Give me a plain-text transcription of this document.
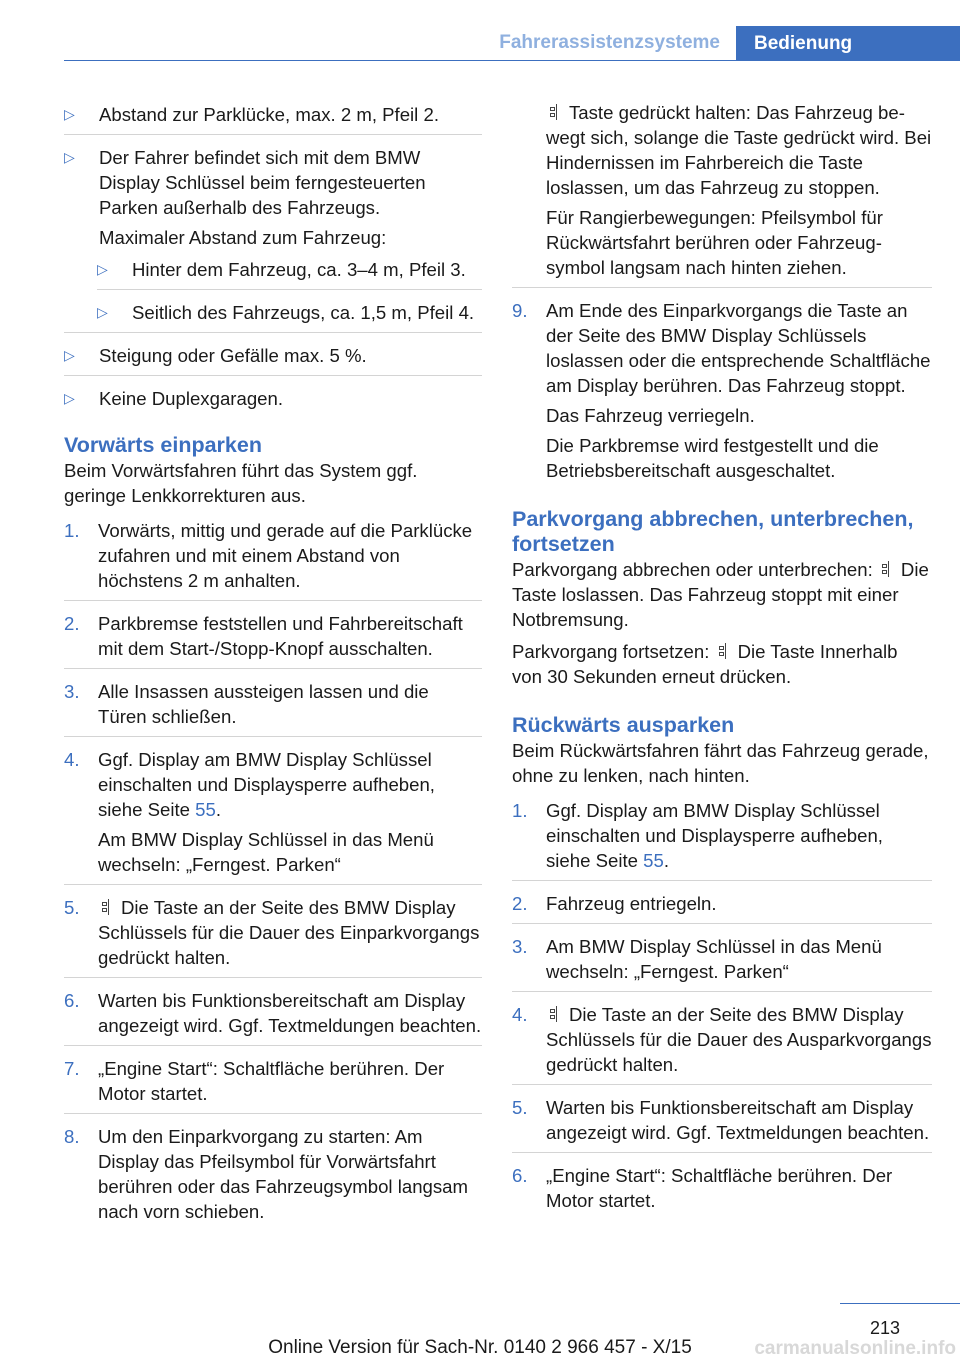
Fahrerassistenzsysteme	Bedienung
▷ Abstand zur Parklücke, max. 2 m, Pfeil 2.
▷ Der Fahrer befindet sich mit dem BMW Display Schlüssel beim ferngesteuerten Parken außerhalb des Fahrzeugs.
Maximaler Abstand zum Fahrzeug:
▷ Hinter dem Fahrzeug, ca. 3–4 m, Pfeil 3.
▷ Seitlich des Fahrzeugs, ca. 1,5 m, Pfeil 4.
▷ Steigung oder Gefälle max. 5 %.
▷ Keine Duplexgaragen.
Vorwärts einparken
Beim Vorwärtsfahren führt das System ggf. geringe Lenkkorrekturen aus.
1. Vorwärts, mittig und gerade auf die Parklücke zufahren und mit einem Abstand von höchstens 2 m anhalten.
2. Parkbremse feststellen und Fahrbereitschaft mit dem Start-/Stopp-Knopf ausschalten.
3. Alle Insassen aussteigen lassen und die Türen schließen.
4. Ggf. Display am BMW Display Schlüssel einschalten und Displaysperre aufheben, siehe Seite 55.
Am BMW Display Schlüssel in das Menü wechseln: „Ferngest. Parken“
5. Die Taste an der Seite des BMW Display Schlüssels für die Dauer des Einparkvorgangs gedrückt halten.
6. Warten bis Funktionsbereitschaft am Display angezeigt wird. Ggf. Textmeldungen beachten.
7. „Engine Start“: Schaltfläche berühren. Der Motor startet.
8. Um den Einparkvorgang zu starten: Am Display das Pfeilsymbol für Vorwärtsfahrt berühren oder das Fahrzeugsymbol langsam nach vorn schieben.
Taste gedrückt halten: Das Fahrzeug bewegt sich, solange die Taste gedrückt wird. Bei Hindernissen im Fahrbereich die Taste loslassen, um das Fahrzeug zu stoppen.
Für Rangierbewegungen: Pfeilsymbol für Rückwärtsfahrt berühren oder Fahrzeugsymbol langsam nach hinten ziehen.
9. Am Ende des Einparkvorgangs die Taste an der Seite des BMW Display Schlüssels loslassen oder die entsprechende Schaltfläche am Display berühren. Das Fahrzeug stoppt.
Das Fahrzeug verriegeln.
Die Parkbremse wird festgestellt und die Betriebsbereitschaft ausgeschaltet.
Parkvorgang abbrechen, unterbrechen, fortsetzen
Parkvorgang abbrechen oder unterbrechen: Die Taste loslassen. Das Fahrzeug stoppt mit einer Notbremsung.
Parkvorgang fortsetzen: Die Taste Innerhalb von 30 Sekunden erneut drücken.
Rückwärts ausparken
Beim Rückwärtsfahren fährt das Fahrzeug gerade, ohne zu lenken, nach hinten.
1. Ggf. Display am BMW Display Schlüssel einschalten und Displaysperre aufheben, siehe Seite 55.
2. Fahrzeug entriegeln.
3. Am BMW Display Schlüssel in das Menü wechseln: „Ferngest. Parken“
4. Die Taste an der Seite des BMW Display Schlüssels für die Dauer des Ausparkvorgangs gedrückt halten.
5. Warten bis Funktionsbereitschaft am Display angezeigt wird. Ggf. Textmeldungen beachten.
6. „Engine Start“: Schaltfläche berühren. Der Motor startet.
213
Online Version für Sach-Nr. 0140 2 966 457 - X/15	carmanualsonline.info
